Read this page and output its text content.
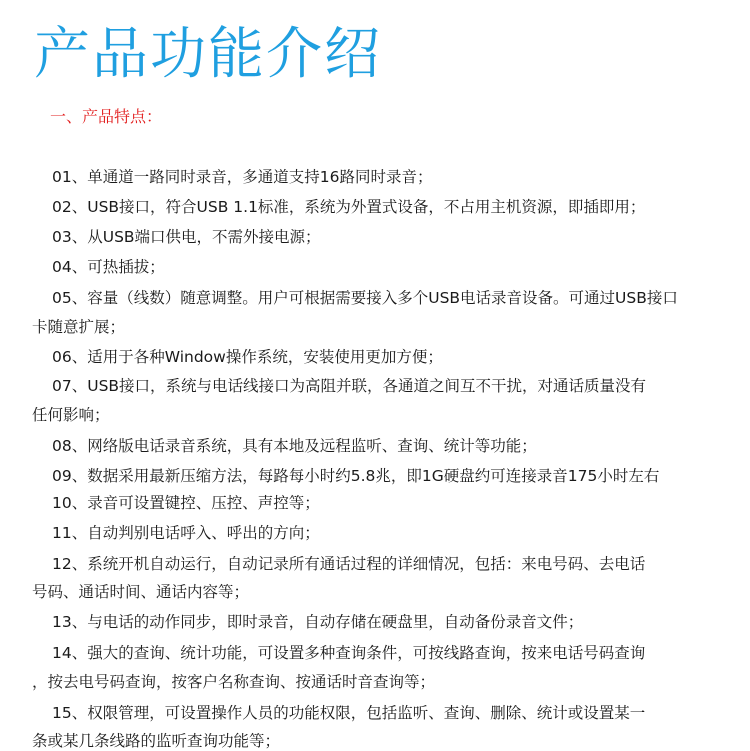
产品功能介绍
一、产品特点：
01、单通道一路同时录音，多通道支持16路同时录音；
02、USB接口，符合USB 1.1标准，系统为外置式设备，不占用主机资源，即插即用；
03、从USB端口供电，不需外接电源；
04、可热插拔；
05、容量（线数）随意调整。用户可根据需要接入多个USB电话录音设备。可通过USB接口
卡随意扩展；
06、适用于各种Window操作系统，安装使用更加方便；
07、USB接口，系统与电话线接口为高阻并联，各通道之间互不干扰，对通话质量没有
任何影响；
08、网络版电话录音系统，具有本地及远程监听、查询、统计等功能；
09、数据采用最新压缩方法，每路每小时约5.8兆，即1G硬盘约可连接录音175小时左右
10、录音可设置键控、压控、声控等；
11、自动判别电话呼入、呼出的方向；
12、系统开机自动运行，自动记录所有通话过程的详细情况，包括：来电号码、去电话
号码、通话时间、通话内容等；
13、与电话的动作同步，即时录音，自动存储在硬盘里，自动备份录音文件；
14、强大的查询、统计功能，可设置多种查询条件，可按线路查询，按来电话号码查询
，按去电号码查询，按客户名称查询、按通话时音查询等；
15、权限管理，可设置操作人员的功能权限，包括监听、查询、删除、统计或设置某一
条或某几条线路的监听查询功能等；
